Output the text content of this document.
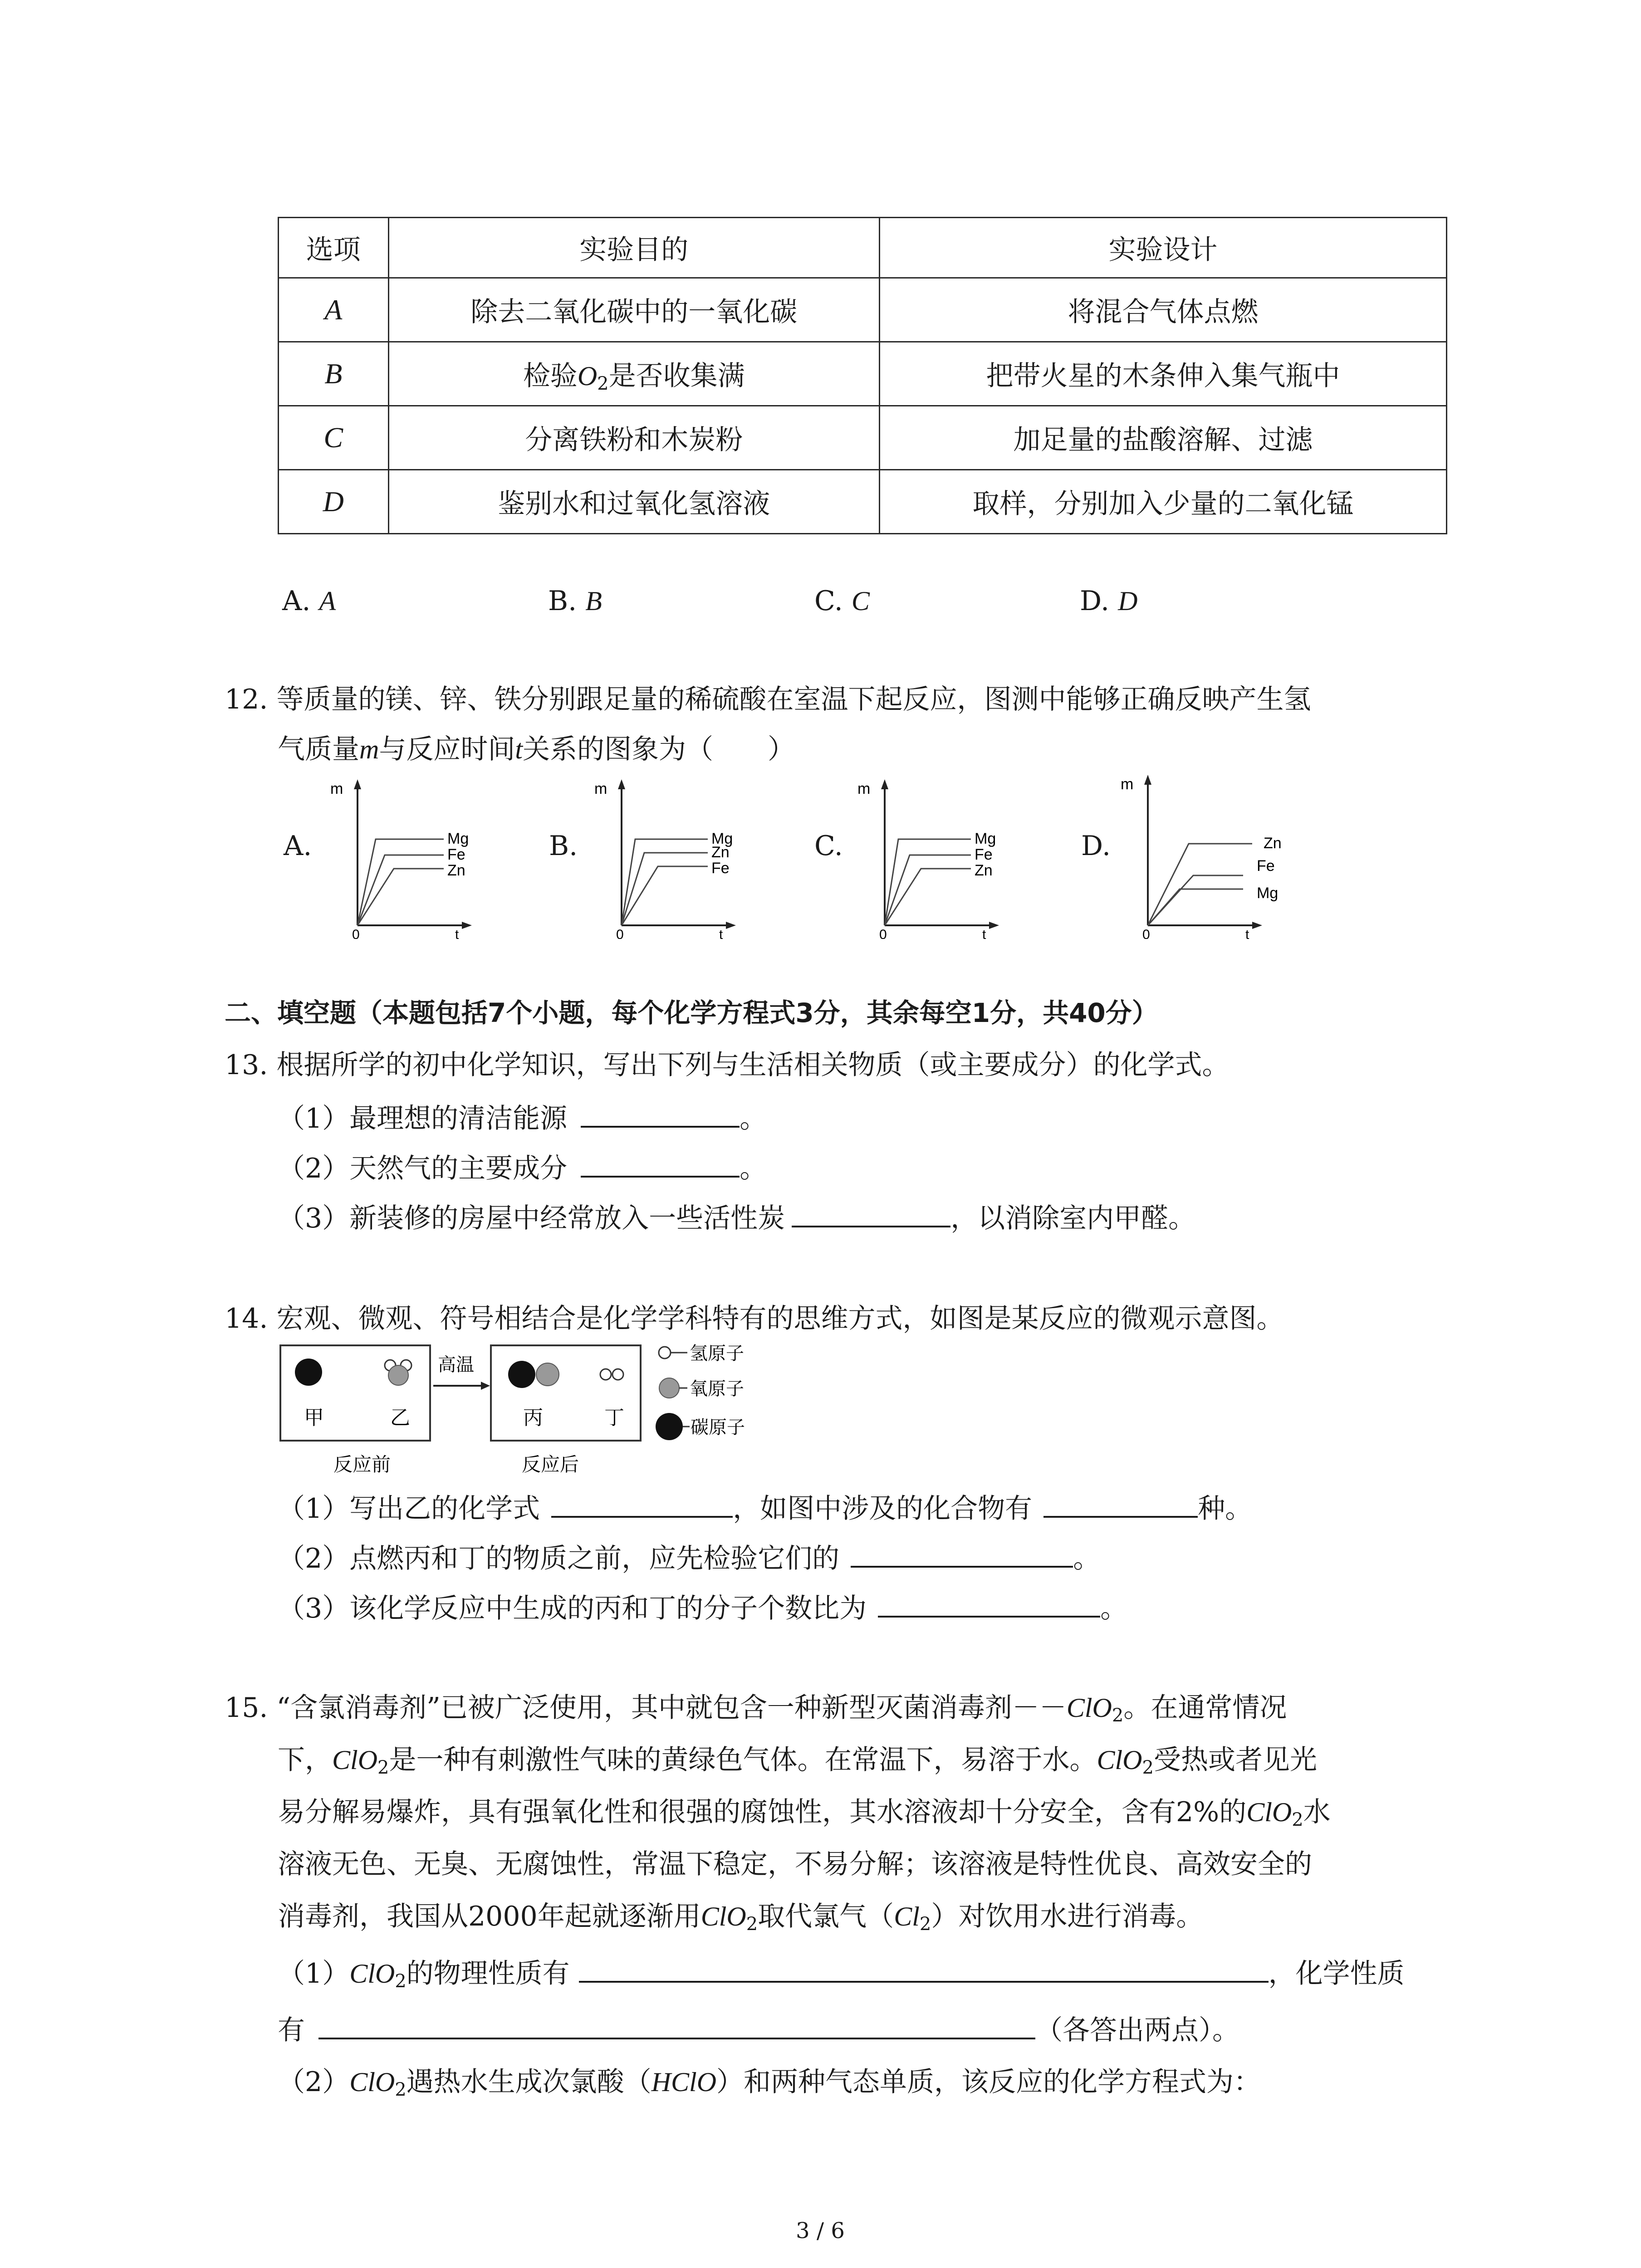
选项	实验目的	实验设计
A	除去二氧化碳中的一氧化碳	将混合气体点燃
B	检验$O_2$是否收集满	把带火星的木条伸入集气瓶中
C	分离铁粉和木炭粉	加足量的盐酸溶解、过滤
D	鉴别水和过氧化氢溶液	取样，分别加入少量的二氧化锰
A. A	B. B	C. C	D. D
12. 等质量的镁、锌、铁分别跟足量的稀硫酸在室温下起反应，图测中能够正确反映产生氢
气质量m与反应时间t关系的图象为（　　）
A.
m
0	t
Mg
Fe
Zn
B.
m
0	t
Mg
Zn
Fe
C.
m
0	t
Mg
Fe
Zn
D.
m
0	t
Zn
Fe
Mg
二、填空题（本题包括7个小题，每个化学方程式3分，其余每空1分，共40分）
13. 根据所学的初中化学知识，写出下列与生活相关物质（或主要成分）的化学式。
（1）最理想的清洁能源	。
（2）天然气的主要成分	。
（3）新装修的房屋中经常放入一些活性炭	，以消除室内甲醛。
14. 宏观、微观、符号相结合是化学学科特有的思维方式，如图是某反应的微观示意图。
甲	乙
高温
丙	丁
反应前	反应后
氢原子
氧原子
碳原子
（1）写出乙的化学式	，如图中涉及的化合物有	种。
（2）点燃丙和丁的物质之前，应先检验它们的	。
（3）该化学反应中生成的丙和丁的分子个数比为	。
15. “含氯消毒剂”已被广泛使用，其中就包含一种新型灭菌消毒剂－－ClO$_2$。在通常情况
下，ClO$_2$是一种有刺激性气味的黄绿色气体。在常温下，易溶于水。ClO$_2$受热或者见光
易分解易爆炸，具有强氧化性和很强的腐蚀性，其水溶液却十分安全，含有2%的ClO$_2$水
溶液无色、无臭、无腐蚀性，常温下稳定，不易分解；该溶液是特性优良、高效安全的
消毒剂，我国从2000年起就逐渐用ClO$_2$取代氯气$(Cl_2)$对饮用水进行消毒。
（1）ClO$_2$的物理性质有	，化学性质
有	（各答出两点）。
（2）ClO$_2$遇热水生成次氯酸（HClO）和两种气态单质，该反应的化学方程式为：
3 / 6
